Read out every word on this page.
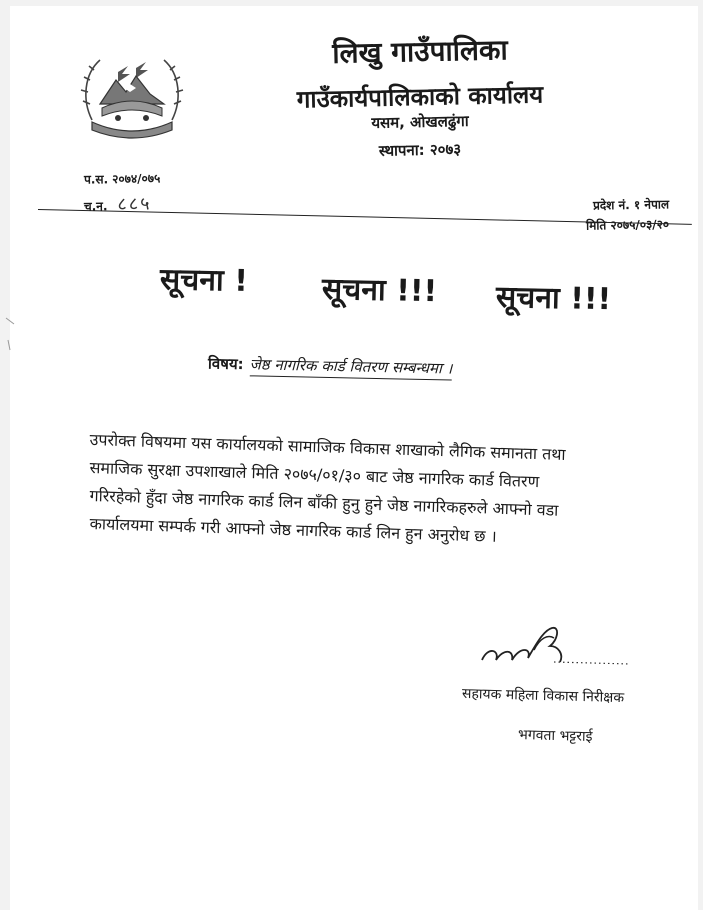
लिखु गाउँपालिका
गाउँकार्यपालिकाको कार्यालय
यसम, ओखलढुंगा
स्थापना: २०७३
प.स. २०७४/०७५
च.न. ८८५	प्रदेश नं. १ नेपाल
मिति २०७५/०३/२०
सूचना ! सूचना !!! सूचना !!!
विषय: जेष्ठ नागरिक कार्ड वितरण सम्बन्धमा ।
उपरोक्त विषयमा यस कार्यालयको सामाजिक विकास शाखाको लैगिक समानता तथा
समाजिक सुरक्षा उपशाखाले मिति २०७५/०१/३० बाट जेष्ठ नागरिक कार्ड वितरण
गरिरहेको हुँदा जेष्ठ नागरिक कार्ड लिन बाँकी हुनु हुने जेष्ठ नागरिकहरुले आफ्नो वडा
कार्यालयमा सम्पर्क गरी आफ्नो जेष्ठ नागरिक कार्ड लिन हुन अनुरोध छ ।
सहायक महिला विकास निरीक्षक
भगवता भट्टराई
